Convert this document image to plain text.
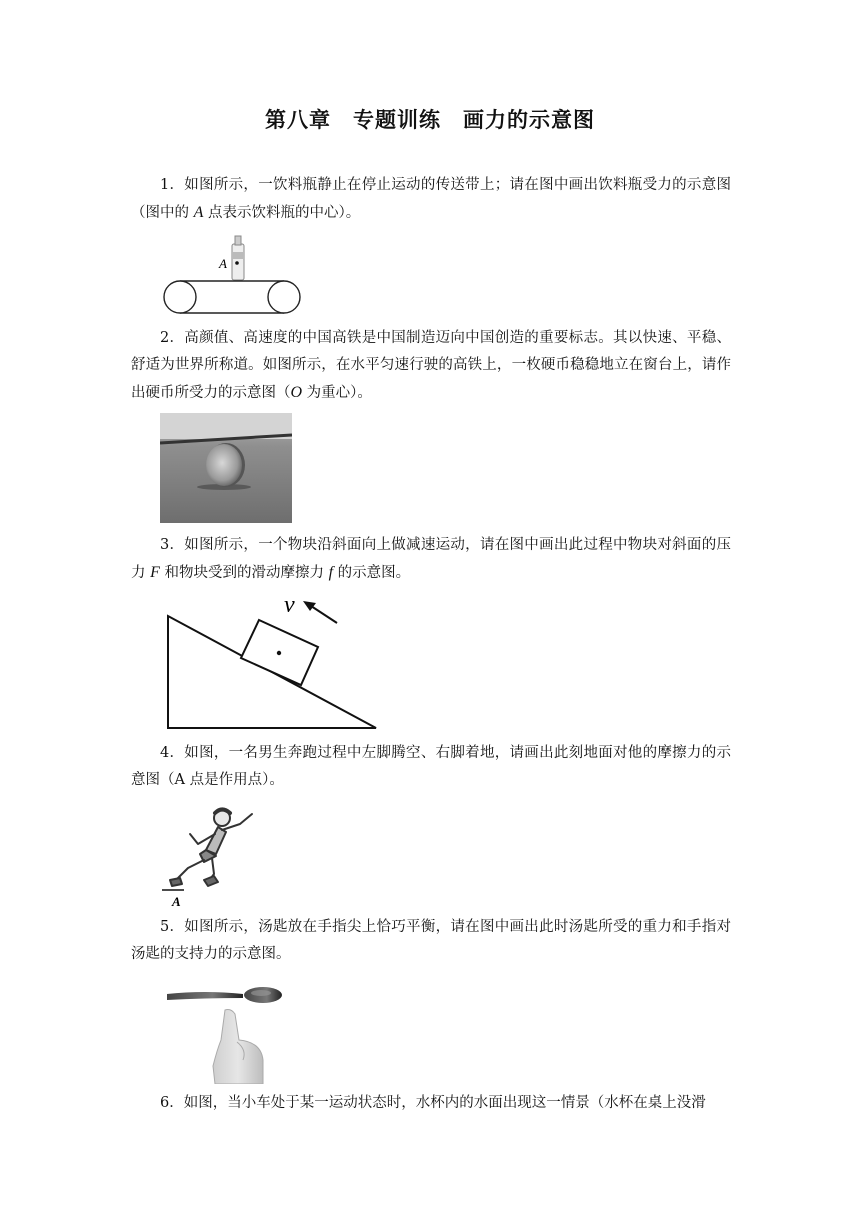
第八章 专题训练 画力的示意图
1．如图所示，一饮料瓶静止在停止运动的传送带上；请在图中画出饮料瓶受力的示意图（图中的 A 点表示饮料瓶的中心）。
A
2．高颜值、高速度的中国高铁是中国制造迈向中国创造的重要标志。其以快速、平稳、舒适为世界所称道。如图所示，在水平匀速行驶的高铁上，一枚硬币稳稳地立在窗台上，请作出硬币所受力的示意图（O 为重心）。
3．如图所示，一个物块沿斜面向上做减速运动，请在图中画出此过程中物块对斜面的压力 F 和物块受到的滑动摩擦力 f 的示意图。
v
4．如图，一名男生奔跑过程中左脚腾空、右脚着地，请画出此刻地面对他的摩擦力的示意图（A 点是作用点）。
A
5．如图所示，汤匙放在手指尖上恰巧平衡，请在图中画出此时汤匙所受的重力和手指对汤匙的支持力的示意图。
6．如图，当小车处于某一运动状态时，水杯内的水面出现这一情景（水杯在桌上没滑
